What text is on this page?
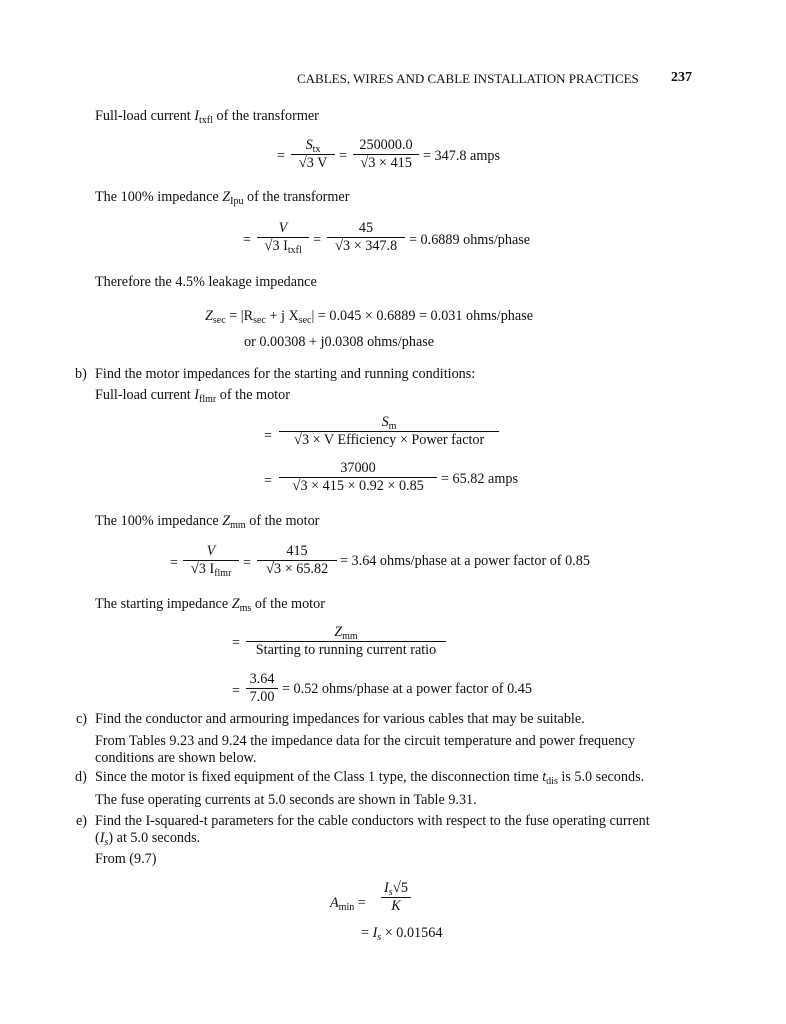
CABLES, WIRES AND CABLE INSTALLATION PRACTICES 237
Full-load current $I_{txfl}$ of the transformer
=
$S_{tx}$
√3 V =
250000.0
√3 × 415 = 347.8 amps
The 100% impedance $Z_{Ipu}$ of the transformer
=
V
√3 $I_{txfl}$
=
45
√3 × 347.8 = 0.6889 ohms/phase
Therefore the 4.5% leakage impedance
$Z_{sec} = |R_{sec} + j$ $X_{sec}| = 0.045 \times 0.6889 = 0.031$ ohms/phase
or 0.00308 + j0.0308 ohms/phase
b) Find the motor impedances for the starting and running conditions:
Full-load current $I_{flmr}$ of the motor
=
$S_m$
√3 × V Efficiency × Power factor
=
37000
√3 × 415 × 0.92 × 0.85	= 65.82 amps
The 100% impedance $Z_{mm}$ of the motor
=
V
√3 $I_{flmr}$
=
415
√3 × 65.82 = 3.64 ohms/phase at a power factor of 0.85
The starting impedance $Z_{ms}$ of the motor
=
$Z_{mm}$
Starting to running current ratio
=
3.64
7.00 = 0.52 ohms/phase at a power factor of 0.45
c) Find the conductor and armouring impedances for various cables that may be suitable.
From Tables 9.23 and 9.24 the impedance data for the circuit temperature and power frequency conditions are shown below.
d) Since the motor is fixed equipment of the Class 1 type, the disconnection time $t_{dis}$ is 5.0 seconds.
The fuse operating currents at 5.0 seconds are shown in Table 9.31.
e) Find the I-squared-t parameters for the cable conductors with respect to the fuse operating current
$(I_s)$ at 5.0 seconds.
From (9.7)
$A_{min}$ =
$I_s√5$
K
= $I_s \times 0.01564$
